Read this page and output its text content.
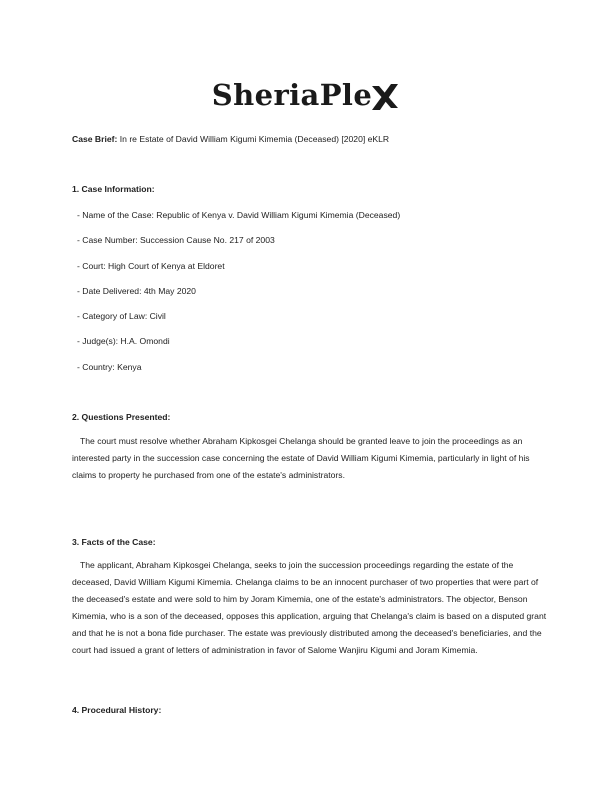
SheriaPle
Case Brief: In re Estate of David William Kigumi Kimemia (Deceased) [2020] eKLR
1. Case Information:
- Name of the Case: Republic of Kenya v. David William Kigumi Kimemia (Deceased)
- Case Number: Succession Cause No. 217 of 2003
- Court: High Court of Kenya at Eldoret
- Date Delivered: 4th May 2020
- Category of Law: Civil
- Judge(s): H.A. Omondi
- Country: Kenya
2. Questions Presented:

The court must resolve whether Abraham Kipkosgei Chelanga should be granted leave to join the proceedings as an interested party in the succession case concerning the estate of David William Kigumi Kimemia, particularly in light of his claims to property he purchased from one of the estate's administrators.

3. Facts of the Case:

The applicant, Abraham Kipkosgei Chelanga, seeks to join the succession proceedings regarding the estate of the deceased, David William Kigumi Kimemia. Chelanga claims to be an innocent purchaser of two properties that were part of the deceased's estate and were sold to him by Joram Kimemia, one of the estate's administrators. The objector, Benson Kimemia, who is a son of the deceased, opposes this application, arguing that Chelanga's claim is based on a disputed grant and that he is not a bona fide purchaser. The estate was previously distributed among the deceased's beneficiaries, and the court had issued a grant of letters of administration in favor of Salome Wanjiru Kigumi and Joram Kimemia.

4. Procedural History:
